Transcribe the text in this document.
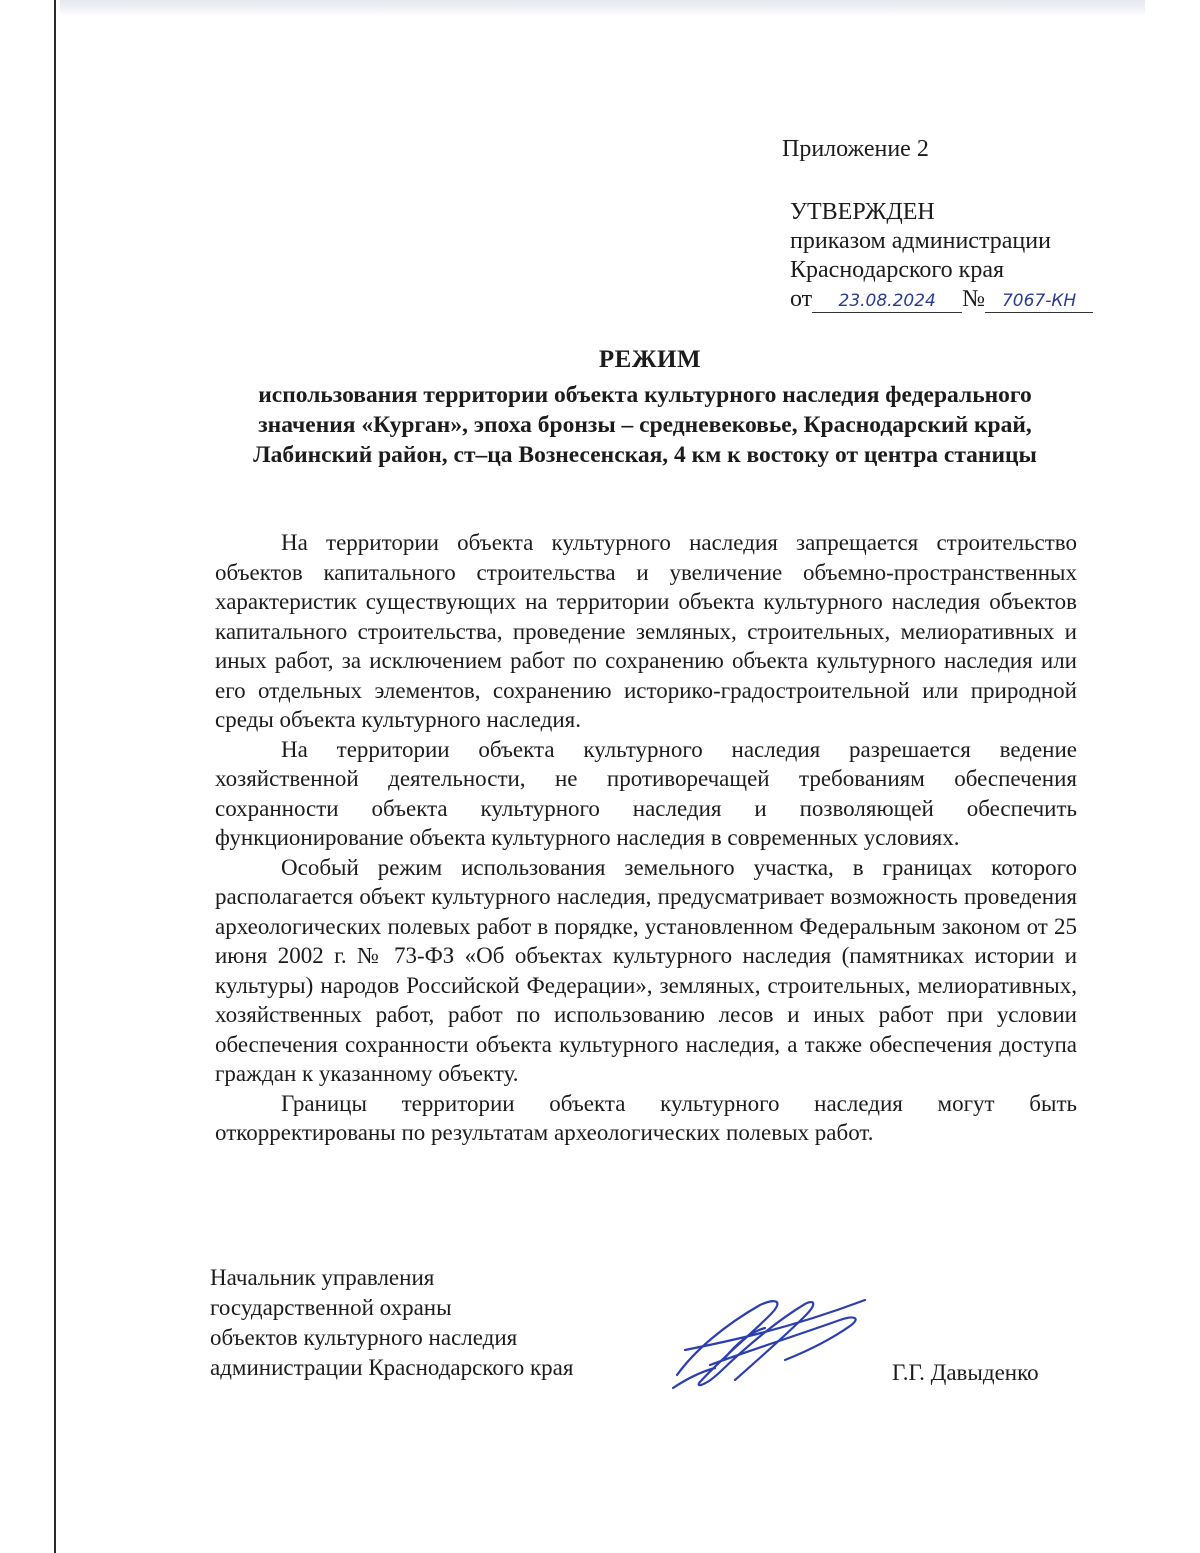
Приложение 2
УТВЕРЖДЕН
приказом администрации
Краснодарского края
от 23.08.2024 № 7067-КН
РЕЖИМ
использования территории объекта культурного наследия федерального
значения «Курган», эпоха бронзы – средневековье, Краснодарский край,
Лабинский район, ст–ца Вознесенская, 4 км к востоку от центра станицы

На территории объекта культурного наследия запрещается строительство объектов капитального строительства и увеличение объемно-пространственных характеристик существующих на территории объекта культурного наследия объектов капитального строительства, проведение земляных, строительных, мелиоративных и иных работ, за исключением работ по сохранению объекта культурного наследия или его отдельных элементов, сохранению историко-градостроительной или природной среды объекта культурного наследия.

На территории объекта культурного наследия разрешается ведение хозяйственной деятельности, не противоречащей требованиям обеспечения сохранности объекта культурного наследия и позволяющей обеспечить функционирование объекта культурного наследия в современных условиях.

Особый режим использования земельного участка, в границах которого располагается объект культурного наследия, предусматривает возможность проведения археологических полевых работ в порядке, установленном Федеральным законом от 25 июня 2002 г. № 73-ФЗ «Об объектах культурного наследия (памятниках истории и культуры) народов Российской Федерации», земляных, строительных, мелиоративных, хозяйственных работ, работ по использованию лесов и иных работ при условии обеспечения сохранности объекта культурного наследия, а также обеспечения доступа граждан к указанному объекту.

Границы территории объекта культурного наследия могут быть откорректированы по результатам археологических полевых работ.

Начальник управления
государственной охраны
объектов культурного наследия
администрации Краснодарского края	Г.Г. Давыденко
